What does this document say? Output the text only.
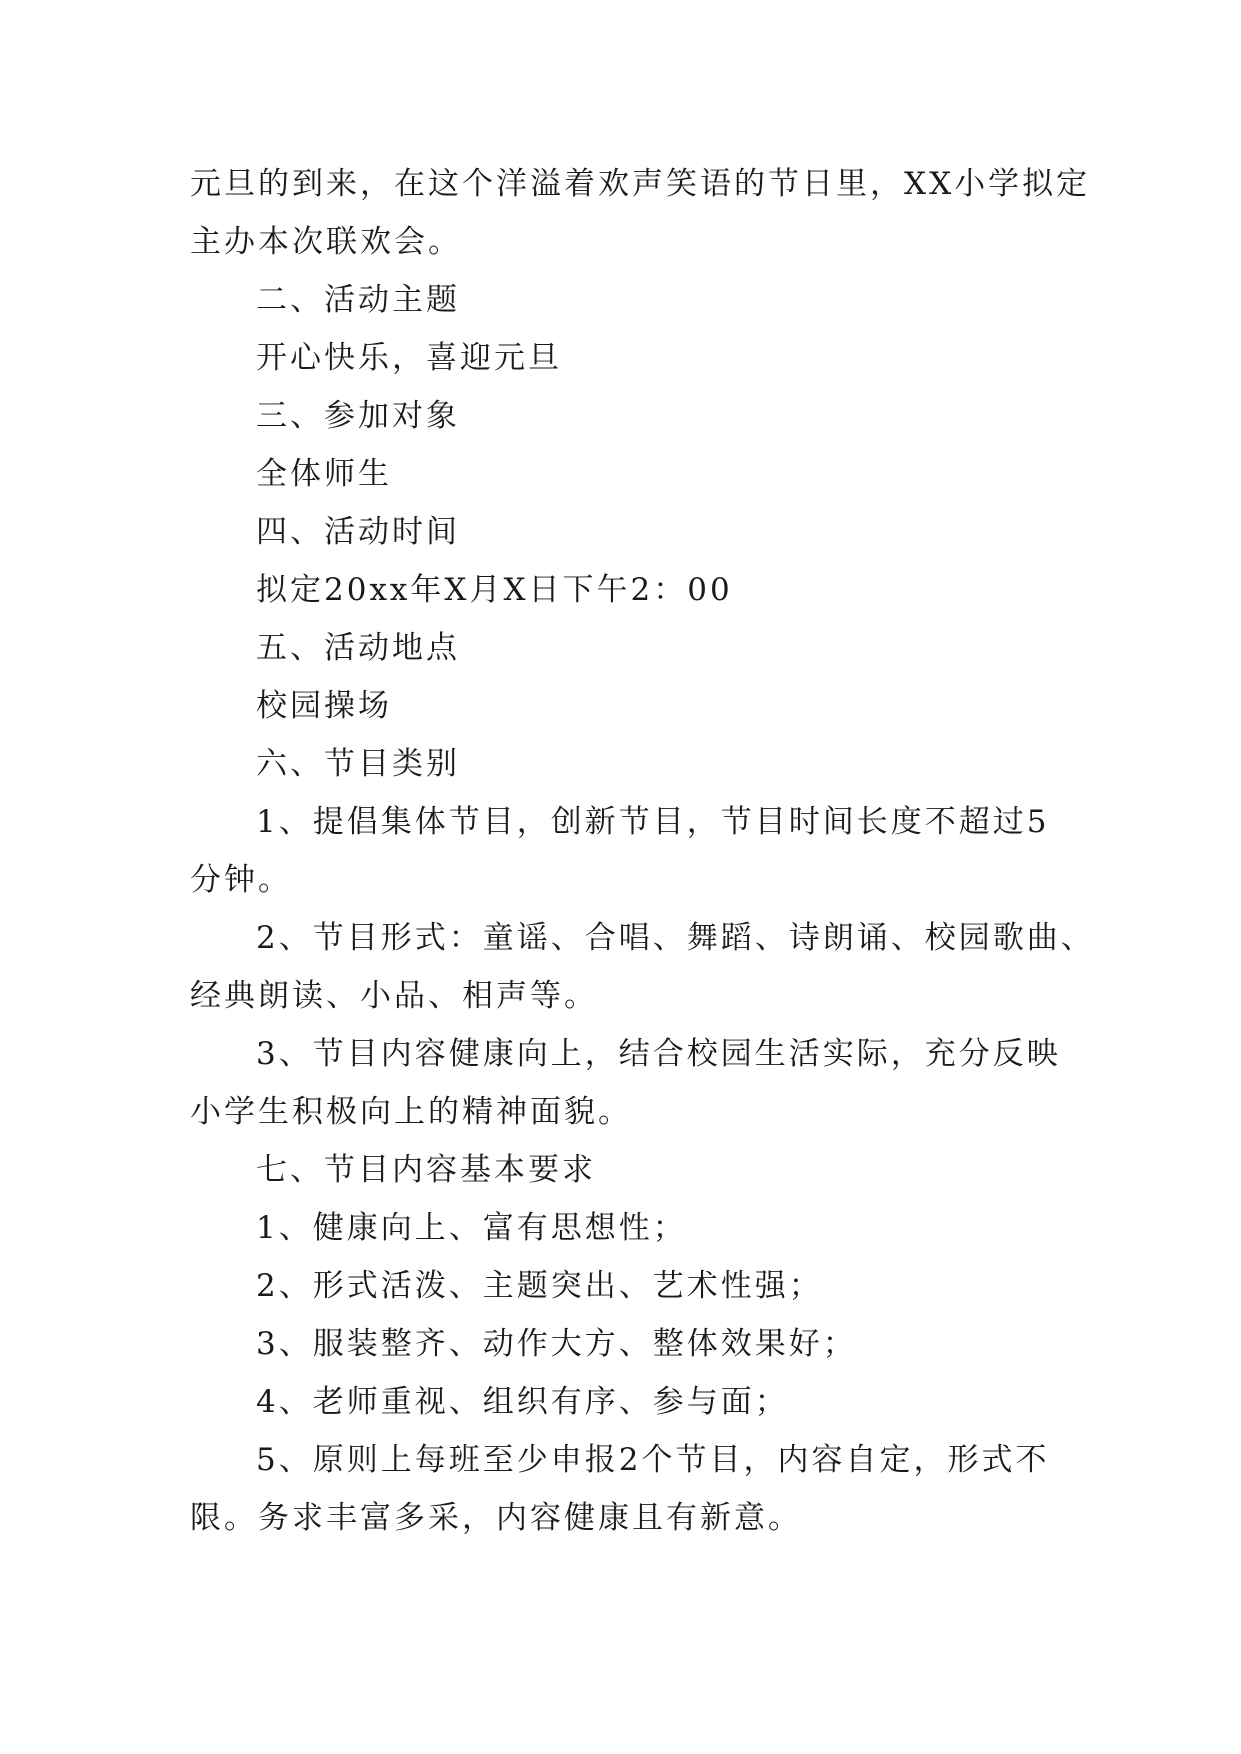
元旦的到来，在这个洋溢着欢声笑语的节日里，XX小学拟定
主办本次联欢会。
二、活动主题
开心快乐，喜迎元旦
三、参加对象
全体师生
四、活动时间
拟定20xx年X月X日下午2：00
五、活动地点
校园操场
六、节目类别
1、提倡集体节目，创新节目，节目时间长度不超过5
分钟。
2、节目形式：童谣、合唱、舞蹈、诗朗诵、校园歌曲、
经典朗读、小品、相声等。
3、节目内容健康向上，结合校园生活实际，充分反映
小学生积极向上的精神面貌。
七、节目内容基本要求
1、健康向上、富有思想性；
2、形式活泼、主题突出、艺术性强；
3、服装整齐、动作大方、整体效果好；
4、老师重视、组织有序、参与面；
5、原则上每班至少申报2个节目，内容自定，形式不
限。务求丰富多采，内容健康且有新意。
